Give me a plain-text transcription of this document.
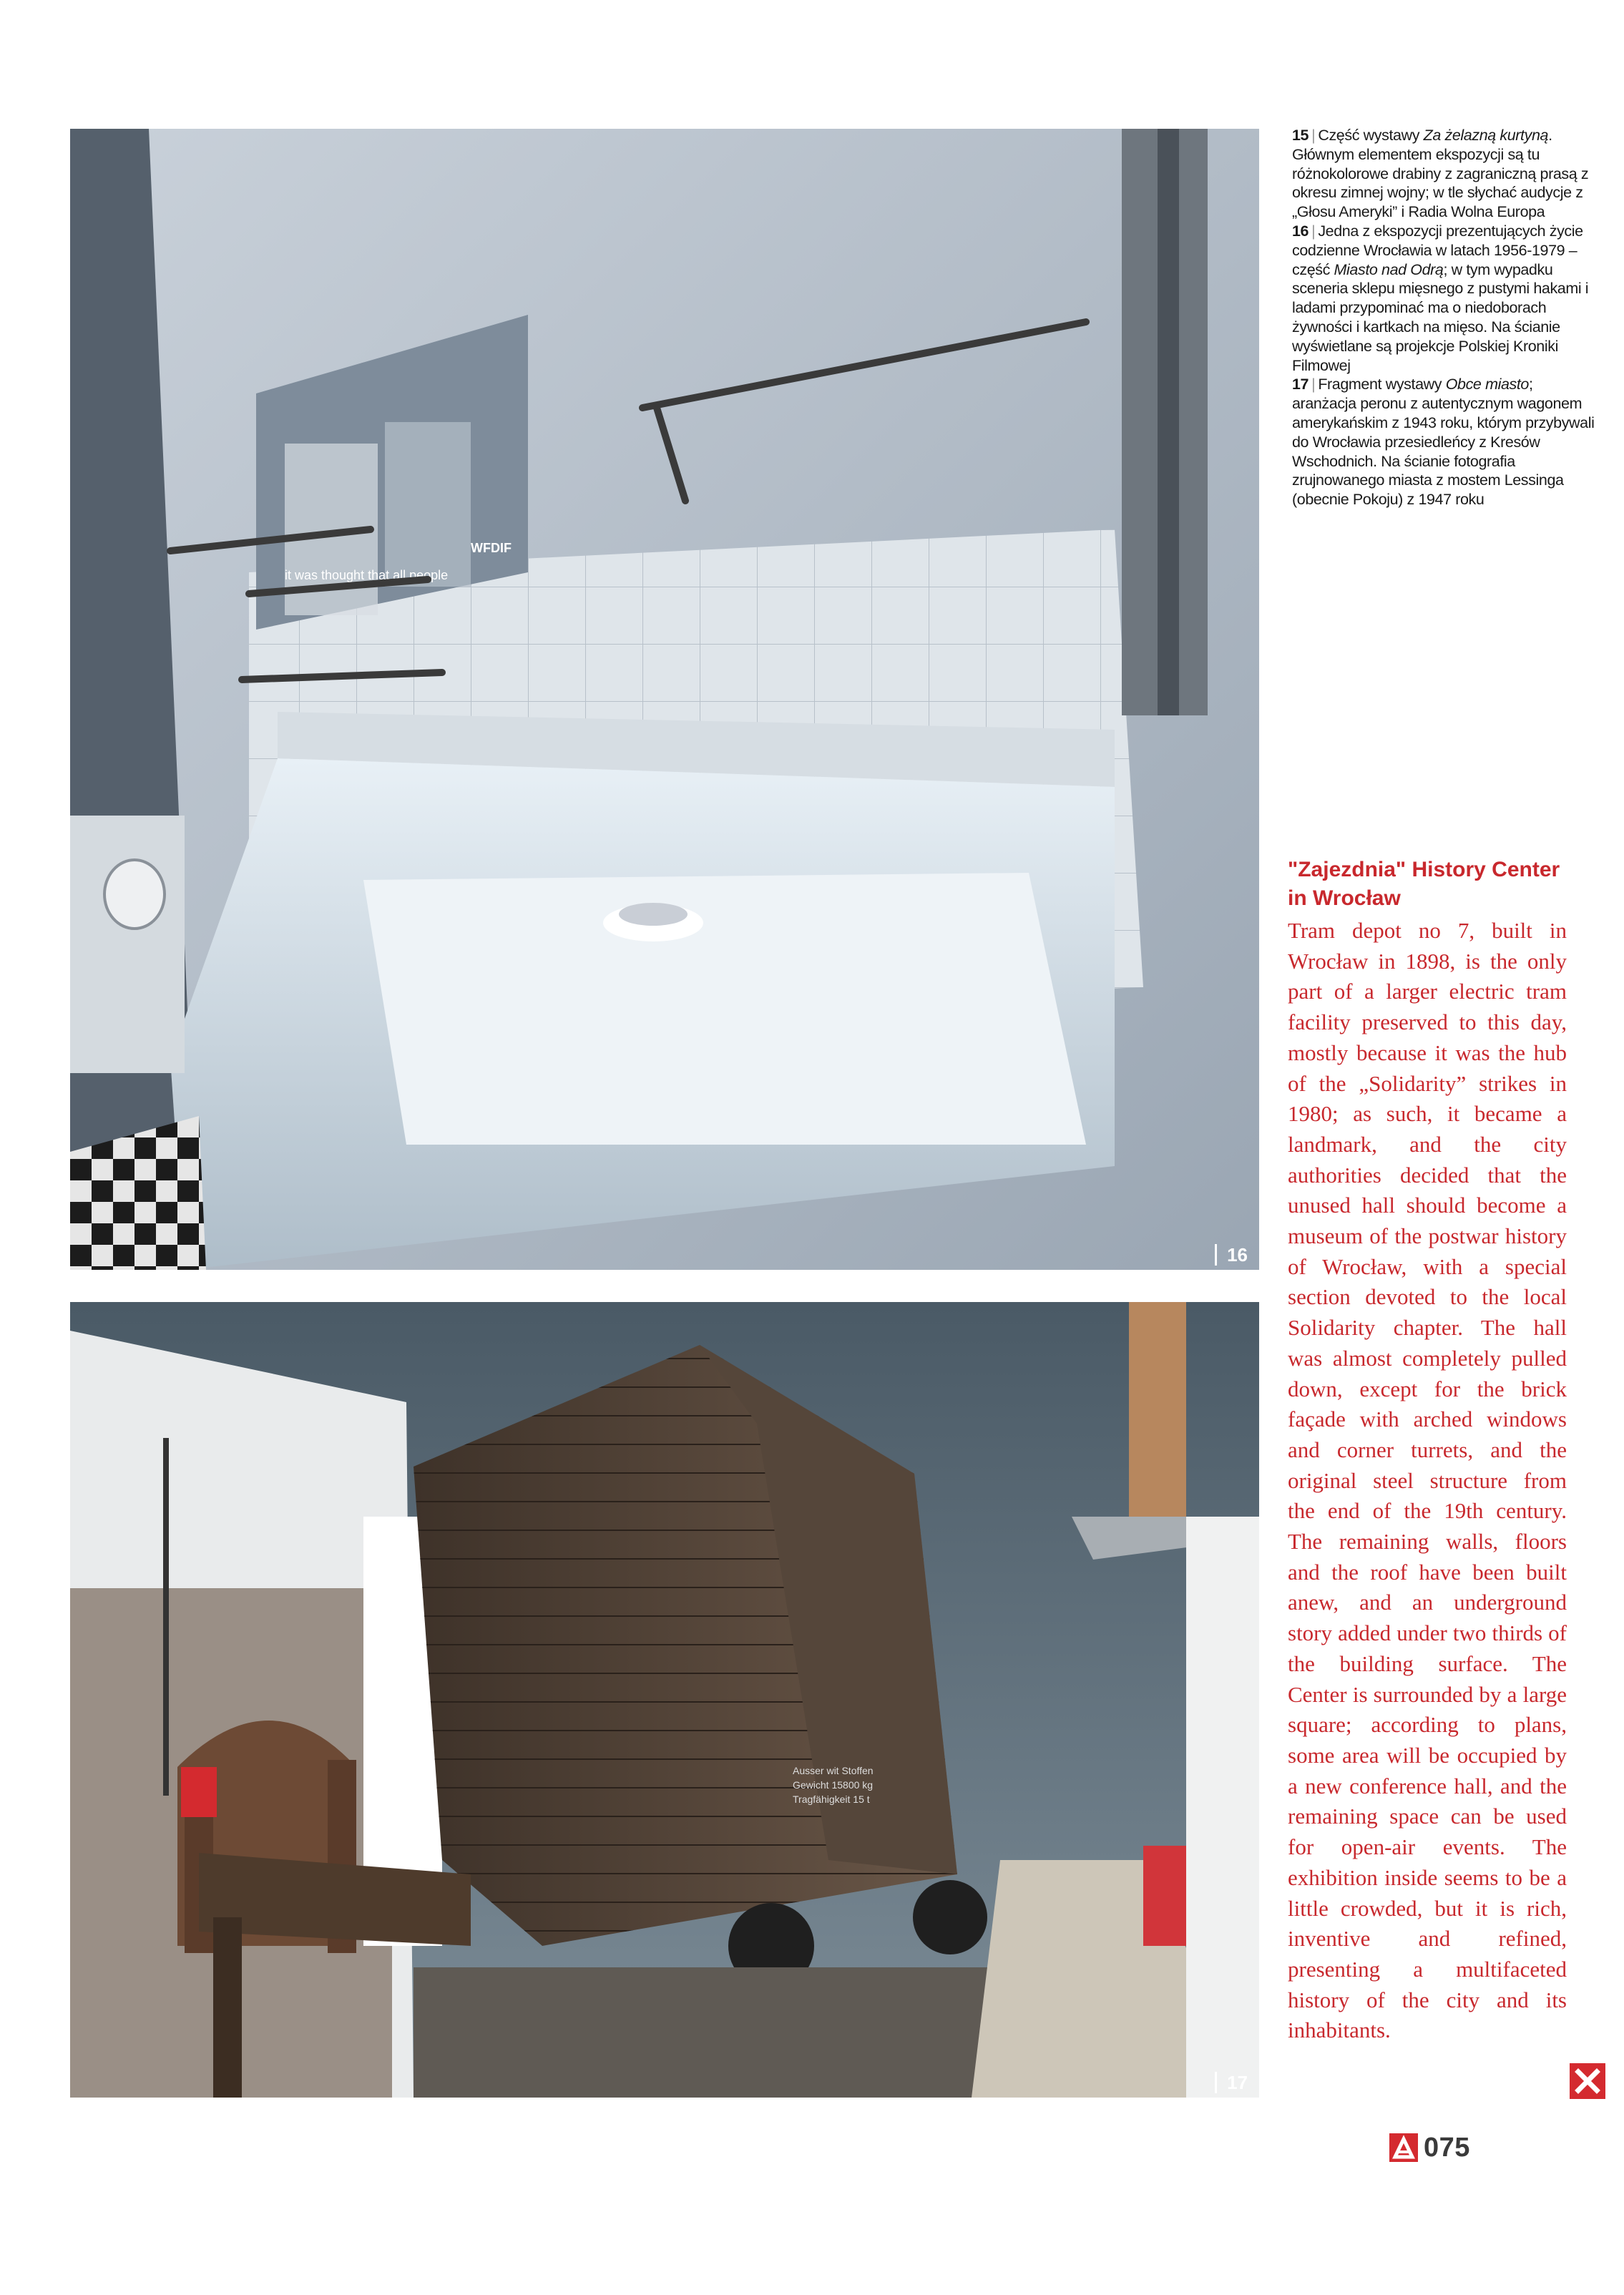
it was thought that all people
WFDIF
16
Ausser wit Stoffen
Gewicht 15800 kg
Tragfähigkeit 15 t
17

15 | Część wystawy Za żelazną kurtyną. Głównym elementem ekspozycji są tu różnokolorowe drabiny z zagraniczną prasą z okresu zimnej wojny; w tle słychać audycje z „Głosu Ameryki” i Radia Wolna Europa

16 | Jedna z ekspozycji prezentujących życie codzienne Wrocławia w latach 1956-1979 – część Miasto nad Odrą; w tym wypadku sceneria sklepu mięsnego z pustymi hakami i ladami przypominać ma o niedoborach żywności i kartkach na mięso. Na ścianie wyświetlane są projekcje Polskiej Kroniki Filmowej

17 | Fragment wystawy Obce miasto; aranżacja peronu z autentycznym wagonem amerykańskim z 1943 roku, którym przybywali do Wrocławia przesiedleńcy z Kresów Wschodnich. Na ścianie fotografia zrujnowanego miasta z mostem Lessinga (obecnie Pokoju) z 1947 roku

"Zajezdnia" History Center in Wrocław

Tram depot no 7, built in Wrocław in 1898, is the only part of a larger electric tram facility preserved to this day, mostly because it was the hub of the „Solidarity” strikes in 1980; as such, it became a landmark, and the city authorities decided that the unused hall should become a museum of the postwar history of Wrocław, with a special section devoted to the local Solidarity chapter. The hall was almost completely pulled down, except for the brick façade with arched windows and corner turrets, and the original steel structure from the end of the 19th century. The remaining walls, floors and the roof have been built anew, and an underground story added under two thirds of the building surface. The Center is surrounded by a large square; according to plans, some area will be occupied by a new conference hall, and the remaining space can be used for open-air events. The exhibition inside seems to be a little crowded, but it is rich, inventive and refined, presenting a multifaceted history of the city and its inhabitants.

075
